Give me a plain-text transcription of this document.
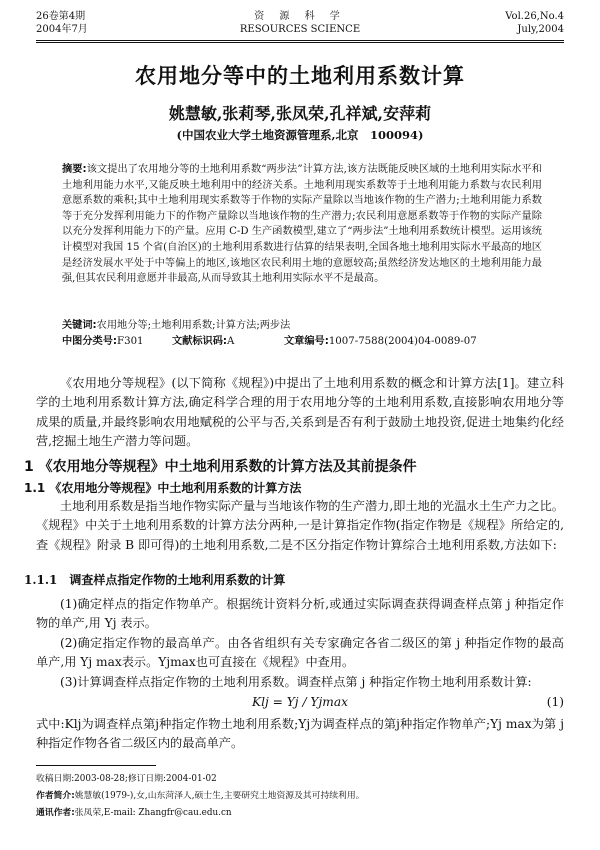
26卷第4期
2004年7月
资 源 科 学
RESOURCES SCIENCE
Vol.26,No.4
July,2004
农用地分等中的土地利用系数计算
姚慧敏,张莉琴,张凤荣,孔祥斌,安萍莉
(中国农业大学土地资源管理系,北京　100094)

摘要:该文提出了农用地分等的土地利用系数“两步法”计算方法,该方法既能反映区域的土地利用实际水平和土地利用能力水平,又能反映土地利用中的经济关系。土地利用现实系数等于土地利用能力系数与农民利用意愿系数的乘积;其中土地利用现实系数等于作物的实际产量除以当地该作物的生产潜力;土地利用能力系数等于充分发挥利用能力下的作物产量除以当地该作物的生产潜力;农民利用意愿系数等于作物的实际产量除以充分发挥利用能力下的产量。应用 C-D 生产函数模型,建立了“两步法”土地利用系数统计模型。运用该统计模型对我国 15 个省(自治区)的土地利用系数进行估算的结果表明,全国各地土地利用实际水平最高的地区是经济发展水平处于中等偏上的地区,该地区农民利用土地的意愿较高;虽然经济发达地区的土地利用能力最强,但其农民利用意愿并非最高,从而导致其土地利用实际水平不是最高。

关键词:农用地分等;土地利用系数;计算方法;两步法
中图分类号:F301	文献标识码:A	文章编号:1007-7588(2004)04-0089-07

《农用地分等规程》(以下简称《规程》)中提出了土地利用系数的概念和计算方法[1]。建立科学的土地利用系数计算方法,确定科学合理的用于农用地分等的土地利用系数,直接影响农用地分等成果的质量,并最终影响农用地赋税的公平与否,关系到是否有利于鼓励土地投资,促进土地集约化经营,挖掘土地生产潜力等问题。

1 《农用地分等规程》中土地利用系数的计算方法及其前提条件
1.1 《农用地分等规程》中土地利用系数的计算方法

土地利用系数是指当地作物实际产量与当地该作物的生产潜力,即土地的光温水土生产力之比。《规程》中关于土地利用系数的计算方法分两种,一是计算指定作物(指定作物是《规程》所给定的,查《规程》附录 B 即可得)的土地利用系数,二是不区分指定作物计算综合土地利用系数,方法如下:

1.1.1　调查样点指定作物的土地利用系数的计算

(1)确定样点的指定作物单产。根据统计资料分析,或通过实际调查获得调查样点第 j 种指定作物的单产,用 Yj 表示。

(2)确定指定作物的最高单产。由各省组织有关专家确定各省二级区的第 j 种指定作物的最高单产,用 Yj max表示。Yjmax也可直接在《规程》中查用。

(3)计算调查样点指定作物的土地利用系数。调查样点第 j 种指定作物土地利用系数计算:

Klj = Yj / Yjmax	(1)

式中:Klj为调查样点第j种指定作物土地利用系数;Yj为调查样点的第j种指定作物单产;Yj max为第 j 种指定作物各省二级区内的最高单产。

收稿日期:2003-08-28;修订日期:2004-01-02
作者简介:姚慧敏(1979-),女,山东菏泽人,硕士生,主要研究土地资源及其可持续利用。
通讯作者:张凤荣,E-mail: Zhangfr@cau.edu.cn
